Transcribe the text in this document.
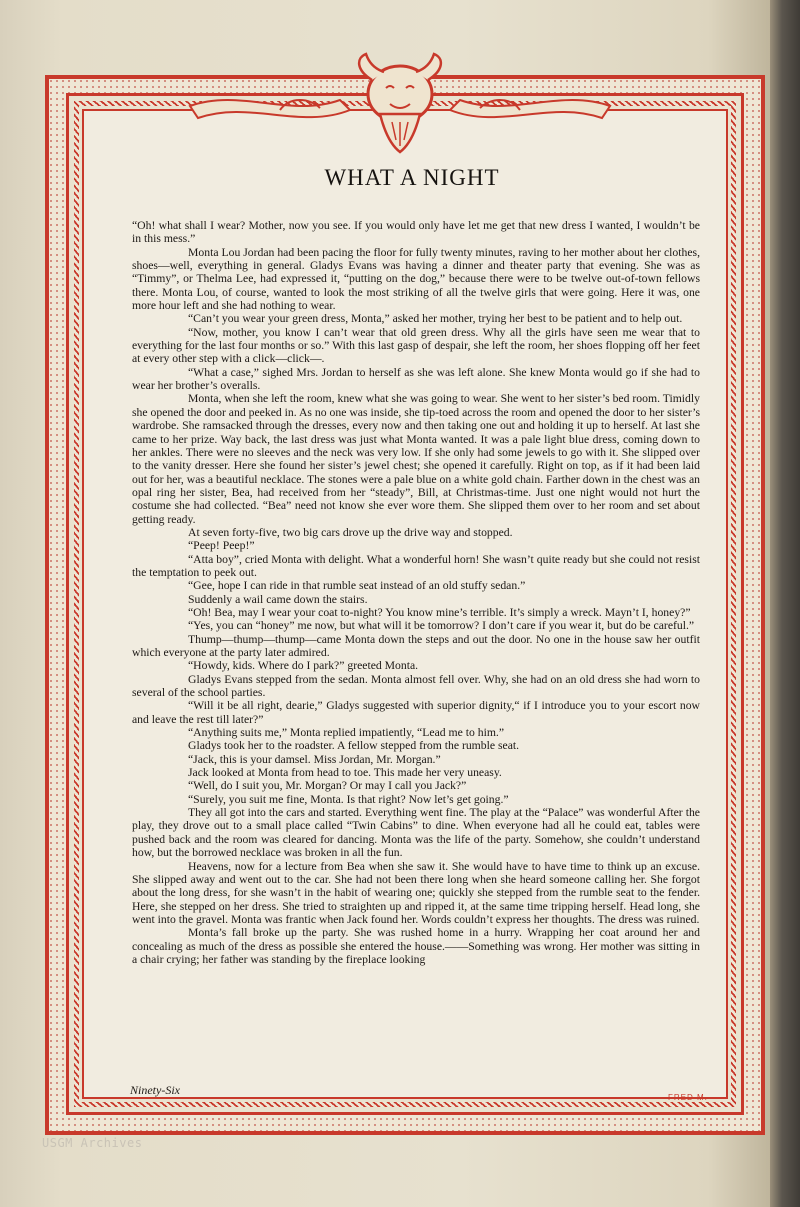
WHAT A NIGHT

“Oh! what shall I wear? Mother, now you see. If you would only have let me get that new dress I wanted, I wouldn’t be in this mess.”

Monta Lou Jordan had been pacing the floor for fully twenty minutes, raving to her mother about her clothes, shoes—well, everything in general. Gladys Evans was having a dinner and theater party that evening. She was as “Timmy”, or Thelma Lee, had expressed it, “putting on the dog,” because there were to be twelve out-of-town fellows there. Monta Lou, of course, wanted to look the most striking of all the twelve girls that were going. Here it was, one more hour left and she had nothing to wear.

“Can’t you wear your green dress, Monta,” asked her mother, trying her best to be patient and to help out.

“Now, mother, you know I can’t wear that old green dress. Why all the girls have seen me wear that to everything for the last four months or so.” With this last gasp of despair, she left the room, her shoes flopping off her feet at every other step with a click—click—.

“What a case,” sighed Mrs. Jordan to herself as she was left alone. She knew Monta would go if she had to wear her brother’s overalls.

Monta, when she left the room, knew what she was going to wear. She went to her sister’s bed room. Timidly she opened the door and peeked in. As no one was inside, she tip-toed across the room and opened the door to her sister’s wardrobe. She ramsacked through the dresses, every now and then taking one out and holding it up to herself. At last she came to her prize. Way back, the last dress was just what Monta wanted. It was a pale light blue dress, coming down to her ankles. There were no sleeves and the neck was very low. If she only had some jewels to go with it. She slipped over to the vanity dresser. Here she found her sister’s jewel chest; she opened it carefully. Right on top, as if it had been laid out for her, was a beautiful necklace. The stones were a pale blue on a white gold chain. Farther down in the chest was an opal ring her sister, Bea, had received from her “steady”, Bill, at Christmas-time. Just one night would not hurt the costume she had collected. “Bea” need not know she ever wore them. She slipped them over to her room and set about getting ready.

At seven forty-five, two big cars drove up the drive way and stopped.

“Peep! Peep!”

“Atta boy”, cried Monta with delight. What a wonderful horn! She wasn’t quite ready but she could not resist the temptation to peek out.

“Gee, hope I can ride in that rumble seat instead of an old stuffy sedan.”

Suddenly a wail came down the stairs.

“Oh! Bea, may I wear your coat to-night? You know mine’s terrible. It’s simply a wreck. Mayn’t I, honey?”

“Yes, you can “honey” me now, but what will it be tomorrow? I don’t care if you wear it, but do be careful.”

Thump—thump—thump—came Monta down the steps and out the door. No one in the house saw her outfit which everyone at the party later admired.

“Howdy, kids. Where do I park?” greeted Monta.

Gladys Evans stepped from the sedan. Monta almost fell over. Why, she had on an old dress she had worn to several of the school parties.

“Will it be all right, dearie,” Gladys suggested with superior dignity,“ if I introduce you to your escort now and leave the rest till later?”

“Anything suits me,” Monta replied impatiently, “Lead me to him.”

Gladys took her to the roadster. A fellow stepped from the rumble seat.

“Jack, this is your damsel. Miss Jordan, Mr. Morgan.”

Jack looked at Monta from head to toe. This made her very uneasy.

“Well, do I suit you, Mr. Morgan? Or may I call you Jack?”

“Surely, you suit me fine, Monta. Is that right? Now let’s get going.”

They all got into the cars and started. Everything went fine. The play at the “Palace” was wonderful After the play, they drove out to a small place called “Twin Cabins” to dine. When everyone had all he could eat, tables were pushed back and the room was cleared for dancing. Monta was the life of the party. Somehow, she couldn’t understand how, but the borrowed necklace was broken in all the fun.

Heavens, now for a lecture from Bea when she saw it. She would have to have time to think up an excuse. She slipped away and went out to the car. She had not been there long when she heard someone calling her. She forgot about the long dress, for she wasn’t in the habit of wearing one; quickly she stepped from the rumble seat to the fender. Here, she stepped on her dress. She tried to straighten up and ripped it, at the same time tripping herself. Head long, she went into the gravel. Monta was frantic when Jack found her. Words couldn’t express her thoughts. The dress was ruined.

Monta’s fall broke up the party. She was rushed home in a hurry. Wrapping her coat around her and concealing as much of the dress as possible she entered the house.——Something was wrong. Her mother was sitting in a chair crying; her father was standing by the fireplace looking

Ninety-Six
FRED M.
USGM Archives
